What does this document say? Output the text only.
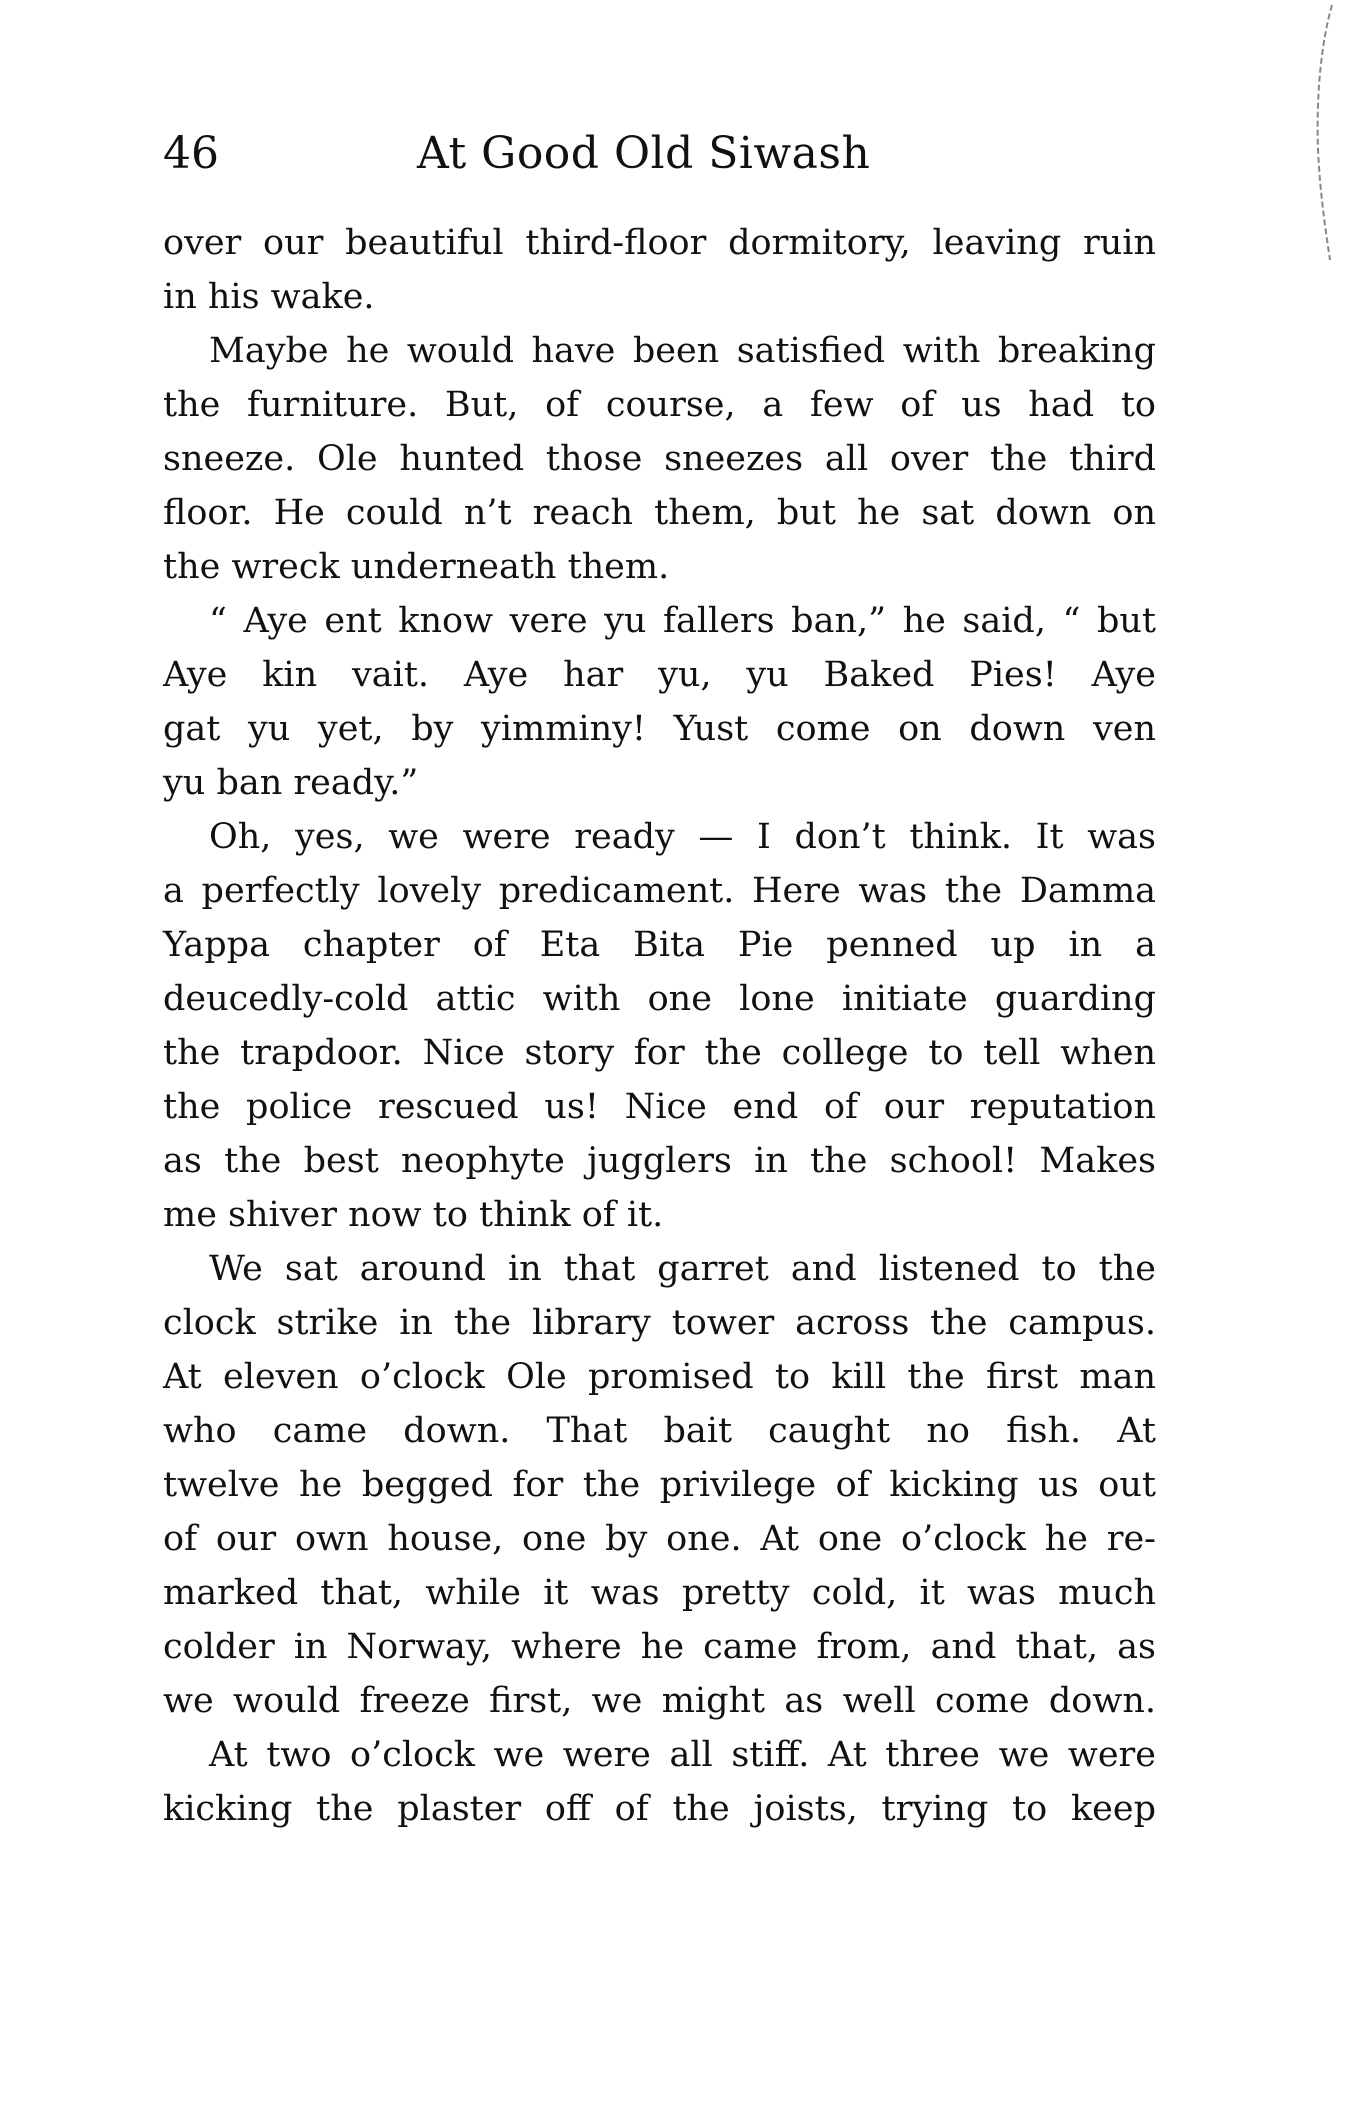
46	At Good Old Siwash
over our beautiful third-floor dormitory, leaving ruin
in his wake.
Maybe he would have been satisfied with breaking
the furniture. But, of course, a few of us had to
sneeze. Ole hunted those sneezes all over the third
floor. He could n’t reach them, but he sat down on
the wreck underneath them.
“ Aye ent know vere yu fallers ban,” he said, “ but
Aye kin vait. Aye har yu, yu Baked Pies! Aye
gat yu yet, by yimminy! Yust come on down ven
yu ban ready.”
Oh, yes, we were ready — I don’t think. It was
a perfectly lovely predicament. Here was the Damma
Yappa chapter of Eta Bita Pie penned up in a
deucedly-cold attic with one lone initiate guarding
the trapdoor. Nice story for the college to tell when
the police rescued us! Nice end of our reputation
as the best neophyte jugglers in the school! Makes
me shiver now to think of it.
We sat around in that garret and listened to the
clock strike in the library tower across the campus.
At eleven o’clock Ole promised to kill the first man
who came down. That bait caught no fish. At
twelve he begged for the privilege of kicking us out
of our own house, one by one. At one o’clock he re-
marked that, while it was pretty cold, it was much
colder in Norway, where he came from, and that, as
we would freeze first, we might as well come down.
At two o’clock we were all stiff. At three we were
kicking the plaster off of the joists, trying to keep
